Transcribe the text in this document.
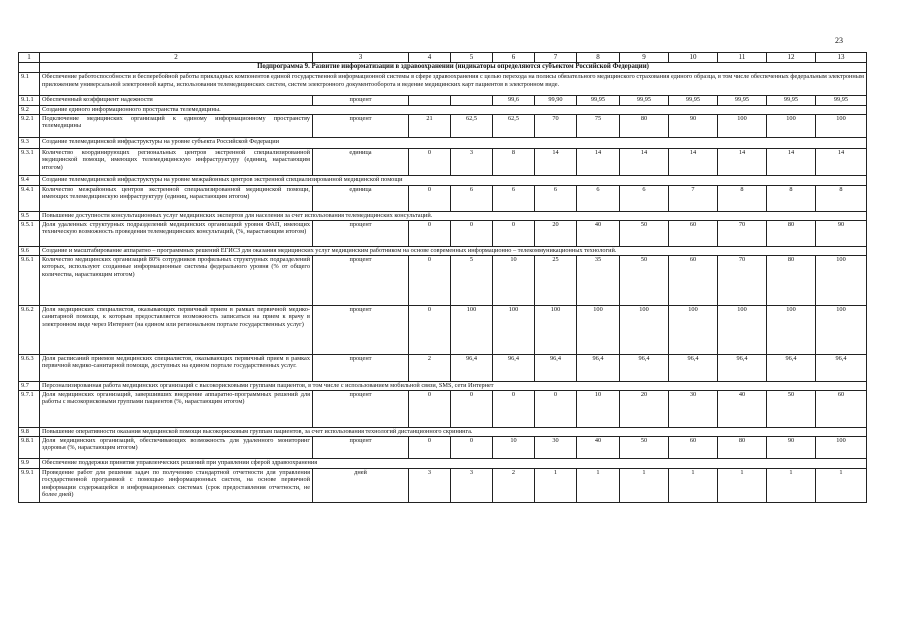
23
1	2	3	4	5	6	7	8	9	10	11	12	13
	Подпрограмма 9. Развитие информатизации в здравоохранении (индикаторы определяются субъектом Российской Федерации)											
9.1	Обеспечение работоспособности и бесперебойной работы прикладных компонентов единой государственной информационной системы в сфере здравоохранения с целью перехода на полисы обязательного медицинского страхования единого образца, в том числе обеспеченных федеральным электронным приложением универсальной электронной карты, использования телемедицинских систем, систем электронного документооборота и ведение медицинских карт пациентов в электронном виде.											
9.1.1	Обеспеченный коэффициент надежности	процент			99,6	99,90	99,95	99,95	99,95	99,95	99,95	99,95
9.2	Создание единого информационного пространства телемедицины.											
9.2.1	Подключение медицинских организаций к единому информационному пространству телемедицины	процент	21	62,5	62,5	70	75	80	90	100	100	100
9.3	Создание телемедицинской инфраструктуры на уровне субъекта Российской Федерации											
9.3.1	Количество координирующих региональных центров экстренной специализированной медицинской помощи, имеющих телемедицинскую инфраструктуру (единиц, нарастающим итогом)	единица	0	3	8	14	14	14	14	14	14	14
9.4	Создание телемедицинской инфраструктуры на уровне межрайонных центров экстренной специализированной медицинской помощи											
9.4.1	Количество межрайонных центров экстренной специализированной медицинской помощи, имеющих телемедицинскую инфраструктуру (единиц, нарастающим итогом)	единица	0	6	6	6	6	6	7	8	8	8
9.5	Повышение доступности консультационных услуг медицинских экспертов для населения за счет использования телемедицинских консультаций.											
9.5.1	Доля удаленных структурных подразделений медицинских организаций уровня ФАП, имеющих техническую возможность проведения телемедицинских консультаций, (%, нарастающим итогом)	процент	0	0	0	20	40	50	60	70	80	90
9.6	Создание и масштабирование аппаратно – программных решений ЕГИСЗ для оказания медицинских услуг медицинским работником на основе современных информационно – телекоммуникационных технологий.											
9.6.1	Количество медицинских организаций 80% сотрудников профильных структурных подразделений которых, используют созданные информационные системы федерального уровня (% от общего количества, нарастающим итогом)	процент	0	5	10	25	35	50	60	70	80	100
9.6.2	Доля медицинских специалистов, оказывающих первичный прием в рамках первичной медико-санитарной помощи, к которым предоставляется возможность записаться на прием к врачу в электронном виде через Интернет (на едином или региональном портале государственных услуг)	процент	0	100	100	100	100	100	100	100	100	100
9.6.3	Доля расписаний приемов медицинских специалистов, оказывающих первичный прием в рамках первичной медико-санитарной помощи, доступных на едином портале государственных услуг.	процент	2	96,4	96,4	96,4	96,4	96,4	96,4	96,4	96,4	96,4
9.7	Персонализированная работа медицинских организаций с высокорисковыми группами пациентов, в том числе с использованием мобильной связи, SMS, сети Интернет											
9.7.1	Доля медицинских организаций, завершивших внедрение аппаратно-программных решений для работы с высокорисковыми группами пациентов (%, нарастающим итогом)	процент	0	0	0	0	10	20	30	40	50	60
9.8	Повышение оперативности оказания медицинской помощи высокорисковым группам пациентов, за счет использования технологий дистанционного скрининга.											
9.8.1	Доля медицинских организаций, обеспечивающих возможность для удаленного мониторинг здоровья (%, нарастающим итогом)	процент	0	0	10	30	40	50	60	80	90	100
9.9	Обеспечение поддержки принятия управленческих решений при управлении сферой здравоохранения											
9.9.1	Проведение работ для решения задач по получению стандартной отчетности для управления государственной программой с помощью информационных систем, на основе первичной информации содержащейся в информационных системах (срок предоставления отчетности, не более дней)	дней	3	3	2	1	1	1	1	1	1	1
